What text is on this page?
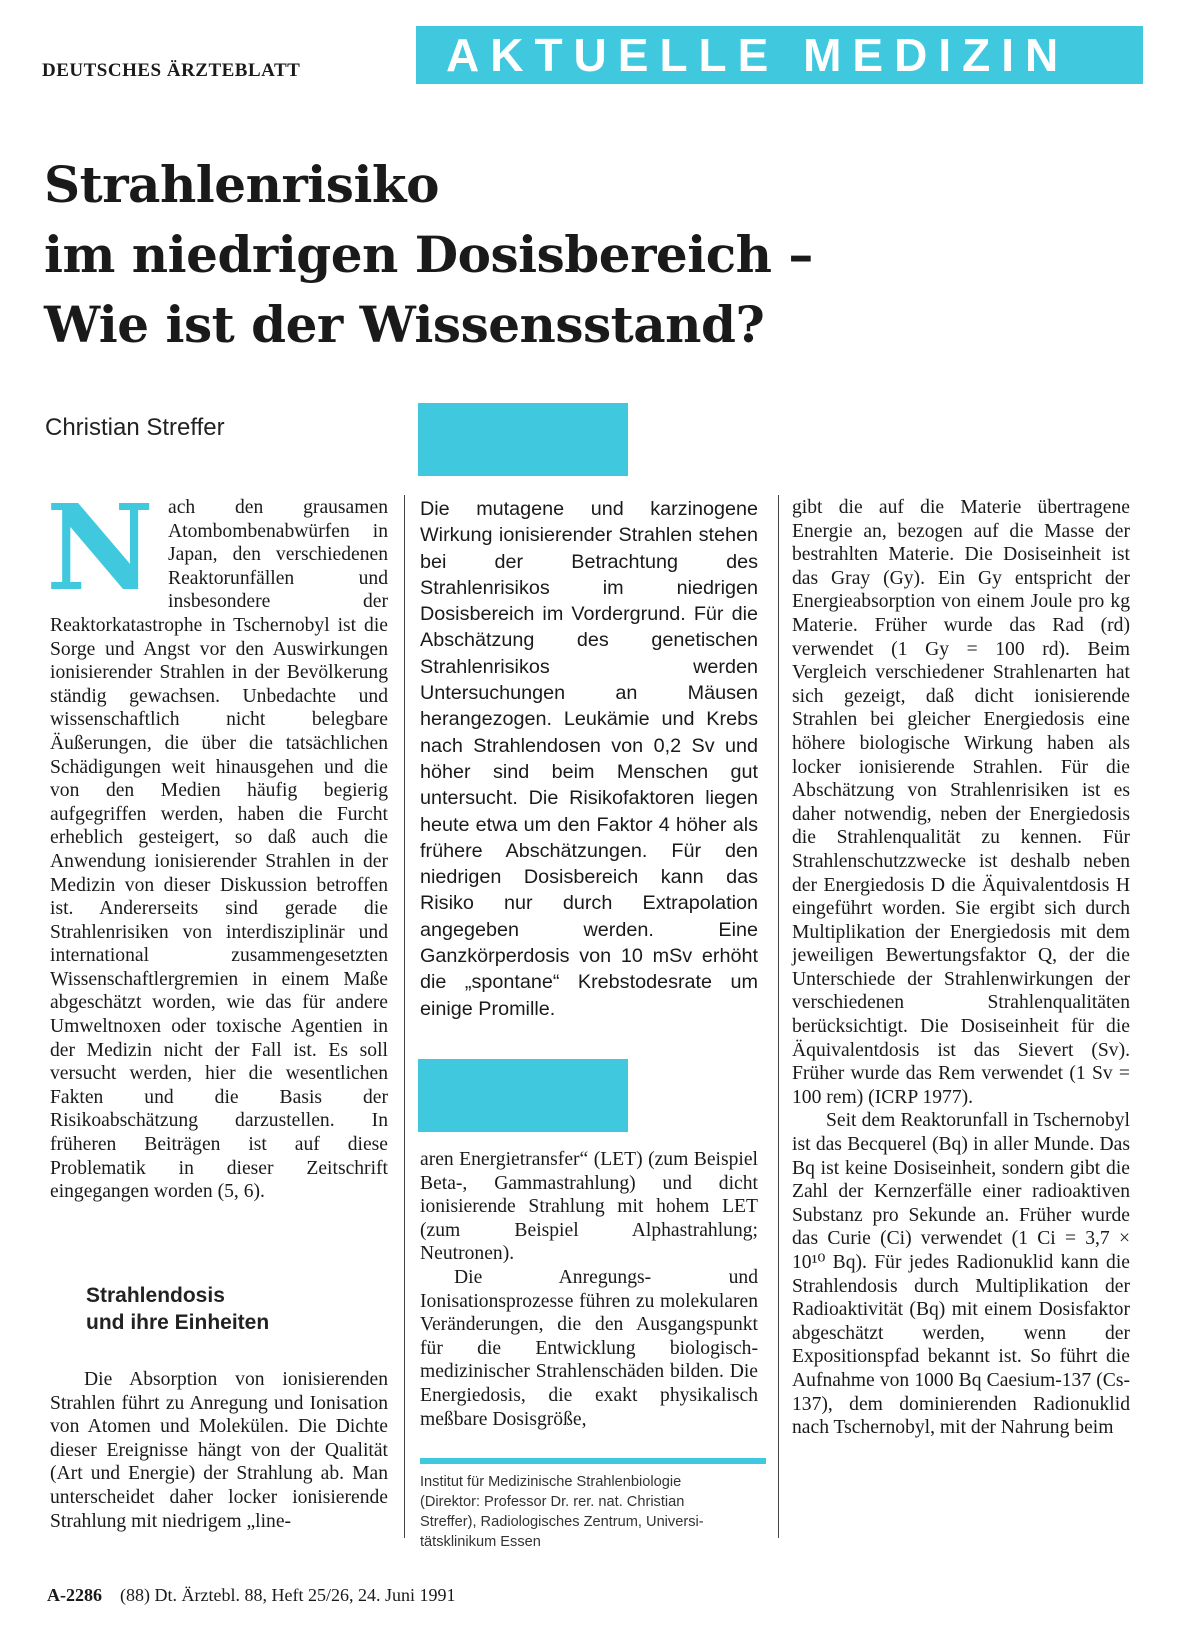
DEUTSCHES ÄRZTEBLATT	AKTUELLE MEDIZIN
Strahlenrisiko
im niedrigen Dosisbereich –
Wie ist der Wissensstand?
Christian Streffer
N ach den grausamen Atombombenabwürfen in Japan, den verschiedenen Reaktorunfällen und insbesondere der Reaktorkatastrophe in Tschernobyl ist die Sorge und Angst vor den Auswirkungen ionisierender Strahlen in der Bevölkerung ständig gewachsen. Unbedachte und wissenschaftlich nicht belegbare Äußerungen, die über die tatsächlichen Schädigungen weit hinausgehen und die von den Medien häufig begierig aufgegriffen werden, haben die Furcht erheblich gesteigert, so daß auch die Anwendung ionisierender Strahlen in der Medizin von dieser Diskussion betroffen ist. Andererseits sind gerade die Strahlenrisiken von interdisziplinär und international zusammengesetzten Wissenschaftlergremien in einem Maße abgeschätzt worden, wie das für andere Umweltnoxen oder toxische Agentien in der Medizin nicht der Fall ist. Es soll versucht werden, hier die wesentlichen Fakten und die Basis der Risikoabschätzung darzustellen. In früheren Beiträgen ist auf diese Problematik in dieser Zeitschrift eingegangen worden (5, 6).

Strahlendosis
und ihre Einheiten

Die Absorption von ionisierenden Strahlen führt zu Anregung und Ionisation von Atomen und Molekülen. Die Dichte dieser Ereignisse hängt von der Qualität (Art und Energie) der Strahlung ab. Man unterscheidet daher locker ionisierende Strahlung mit niedrigem „line-

Die mutagene und karzinogene Wirkung ionisierender Strahlen stehen bei der Betrachtung des Strahlenrisikos im niedrigen Dosisbereich im Vordergrund. Für die Abschätzung des genetischen Strahlenrisikos werden Untersuchungen an Mäusen herangezogen. Leukämie und Krebs nach Strahlendosen von 0,2 Sv und höher sind beim Menschen gut untersucht. Die Risikofaktoren liegen heute etwa um den Faktor 4 höher als frühere Abschätzungen. Für den niedrigen Dosisbereich kann das Risiko nur durch Extrapolation angegeben werden. Eine Ganzkörperdosis von 10 mSv erhöht die „spontane“ Krebstodesrate um einige Promille.

aren Energietransfer“ (LET) (zum Beispiel Beta-, Gammastrahlung) und dicht ionisierende Strahlung mit hohem LET (zum Beispiel Alphastrahlung; Neutronen).

Die Anregungs- und Ionisationsprozesse führen zu molekularen Veränderungen, die den Ausgangspunkt für die Entwicklung biologisch-medizinischer Strahlenschäden bilden. Die Energiedosis, die exakt physikalisch meßbare Dosisgröße,

Institut für Medizinische Strahlenbiologie
(Direktor: Professor Dr. rer. nat. Christian
Streffer), Radiologisches Zentrum, Universi-
tätsklinikum Essen

gibt die auf die Materie übertragene Energie an, bezogen auf die Masse der bestrahlten Materie. Die Dosiseinheit ist das Gray (Gy). Ein Gy entspricht der Energieabsorption von einem Joule pro kg Materie. Früher wurde das Rad (rd) verwendet (1 Gy = 100 rd). Beim Vergleich verschiedener Strahlenarten hat sich gezeigt, daß dicht ionisierende Strahlen bei gleicher Energiedosis eine höhere biologische Wirkung haben als locker ionisierende Strahlen. Für die Abschätzung von Strahlenrisiken ist es daher notwendig, neben der Energiedosis die Strahlenqualität zu kennen. Für Strahlenschutzzwecke ist deshalb neben der Energiedosis D die Äquivalentdosis H eingeführt worden. Sie ergibt sich durch Multiplikation der Energiedosis mit dem jeweiligen Bewertungsfaktor Q, der die Unterschiede der Strahlenwirkungen der verschiedenen Strahlenqualitäten berücksichtigt. Die Dosiseinheit für die Äquivalentdosis ist das Sievert (Sv). Früher wurde das Rem verwendet (1 Sv = 100 rem) (ICRP 1977).

Seit dem Reaktorunfall in Tschernobyl ist das Becquerel (Bq) in aller Munde. Das Bq ist keine Dosiseinheit, sondern gibt die Zahl der Kernzerfälle einer radioaktiven Substanz pro Sekunde an. Früher wurde das Curie (Ci) verwendet (1 Ci = 3,7 × 10¹⁰ Bq). Für jedes Radionuklid kann die Strahlendosis durch Multiplikation der Radioaktivität (Bq) mit einem Dosisfaktor abgeschätzt werden, wenn der Expositionspfad bekannt ist. So führt die Aufnahme von 1000 Bq Caesium-137 (Cs-137), dem dominierenden Radionuklid nach Tschernobyl, mit der Nahrung beim

A-2286 (88) Dt. Ärztebl. 88, Heft 25/26, 24. Juni 1991
